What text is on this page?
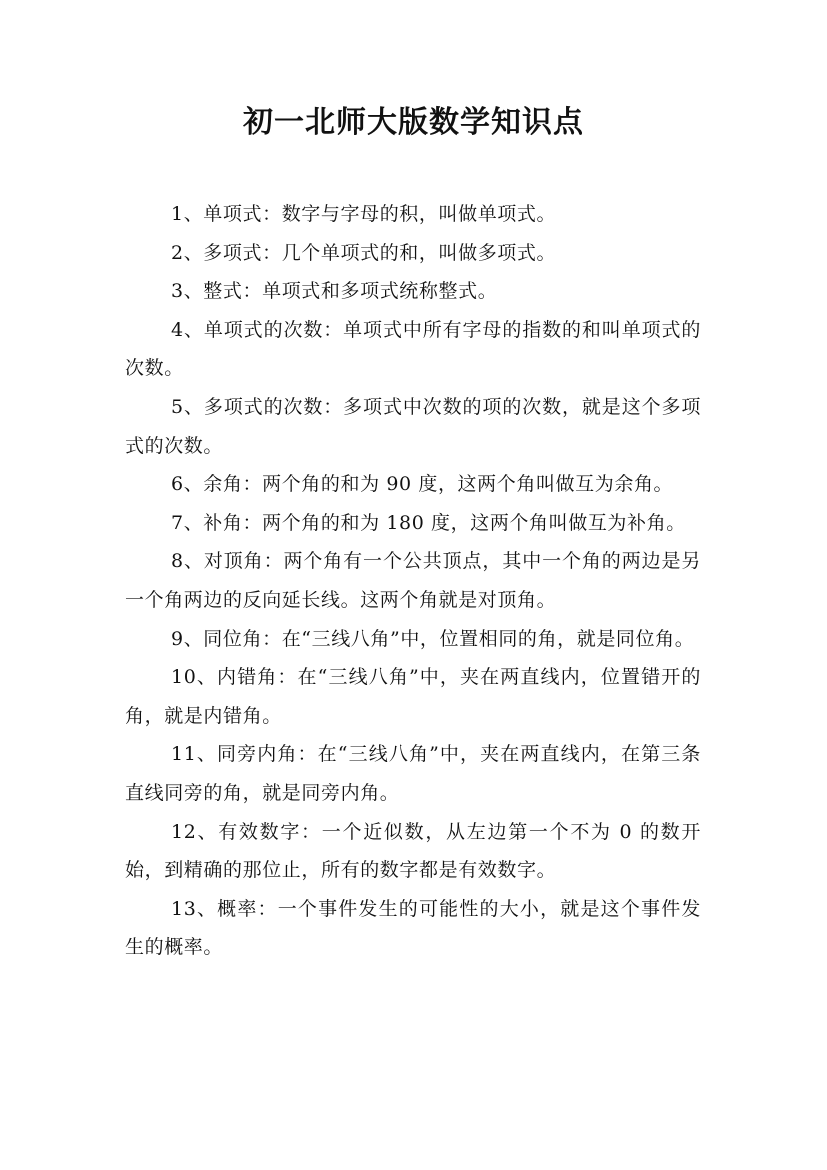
初一北师大版数学知识点

1、单项式：数字与字母的积，叫做单项式。

2、多项式：几个单项式的和，叫做多项式。

3、整式：单项式和多项式统称整式。

4、单项式的次数：单项式中所有字母的指数的和叫单项式的次数。

5、多项式的次数：多项式中次数的项的次数，就是这个多项式的次数。

6、余角：两个角的和为 90 度，这两个角叫做互为余角。

7、补角：两个角的和为 180 度，这两个角叫做互为补角。

8、对顶角：两个角有一个公共顶点，其中一个角的两边是另一个角两边的反向延长线。这两个角就是对顶角。

9、同位角：在“三线八角”中，位置相同的角，就是同位角。

10、内错角：在“三线八角”中，夹在两直线内，位置错开的角，就是内错角。

11、同旁内角：在“三线八角”中，夹在两直线内，在第三条直线同旁的角，就是同旁内角。

12、有效数字：一个近似数，从左边第一个不为 0 的数开始，到精确的那位止，所有的数字都是有效数字。

13、概率：一个事件发生的可能性的大小，就是这个事件发生的概率。
